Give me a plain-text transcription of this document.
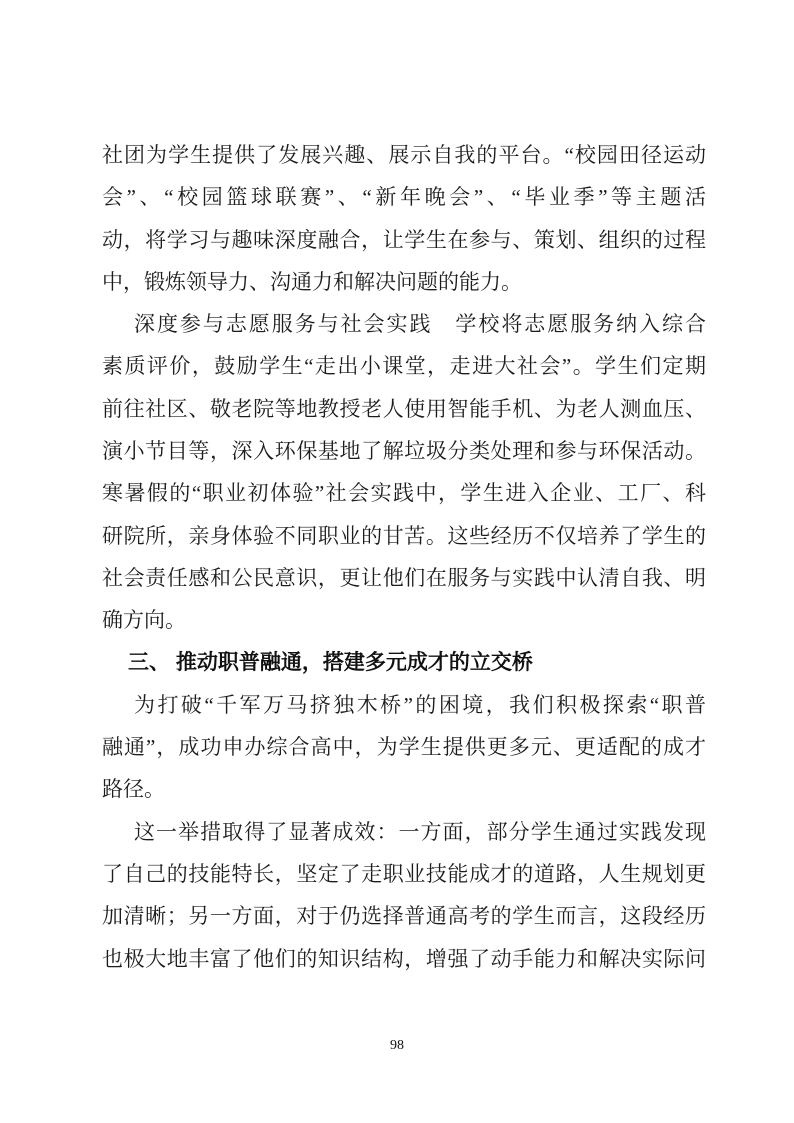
社团为学生提供了发展兴趣、展示自我的平台。“校园田径运动
会”、“校园篮球联赛”、“新年晚会”、“毕业季”等主题活
动，将学习与趣味深度融合，让学生在参与、策划、组织的过程
中，锻炼领导力、沟通力和解决问题的能力。
深度参与志愿服务与社会实践　学校将志愿服务纳入综合
素质评价，鼓励学生“走出小课堂，走进大社会”。学生们定期
前往社区、敬老院等地教授老人使用智能手机、为老人测血压、
演小节目等，深入环保基地了解垃圾分类处理和参与环保活动。
寒暑假的“职业初体验”社会实践中，学生进入企业、工厂、科
研院所，亲身体验不同职业的甘苦。这些经历不仅培养了学生的
社会责任感和公民意识，更让他们在服务与实践中认清自我、明
确方向。
三、 推动职普融通，搭建多元成才的立交桥
为打破“千军万马挤独木桥”的困境，我们积极探索“职普
融通”，成功申办综合高中，为学生提供更多元、更适配的成才
路径。
这一举措取得了显著成效：一方面，部分学生通过实践发现
了自己的技能特长，坚定了走职业技能成才的道路，人生规划更
加清晰；另一方面，对于仍选择普通高考的学生而言，这段经历
也极大地丰富了他们的知识结构，增强了动手能力和解决实际问
98
